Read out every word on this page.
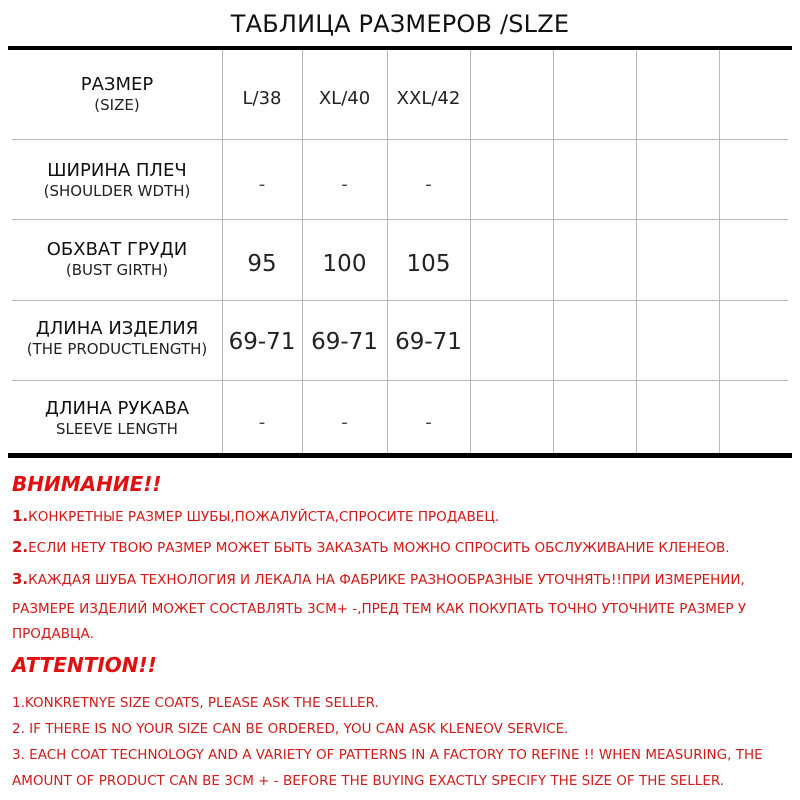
ТАБЛИЦА РАЗМЕРОВ /SLZE
РАЗМЕР
(SIZE)	L/38	XL/40	XXL/42
ШИРИНА ПЛЕЧ
(SHOULDER WDTH)	-	-	-
ОБХВАТ ГРУДИ
(BUST GIRTH)	95	100	105
ДЛИНА ИЗДЕЛИЯ
(THE PRODUCTLENGTH) 69-71 69-71 69-71
ДЛИНА РУКАВА
SLEEVE LENGTH	-	-	-
ВНИМАНИЕ!!
1.КОНКРЕТНЫЕ РАЗМЕР ШУБЫ,ПОЖАЛУЙСТА,СПРОСИТЕ ПРОДАВЕЦ.
2.ЕСЛИ НЕТУ ТВОЮ РАЗМЕР МОЖЕТ БЫТЬ ЗАКАЗАТЬ МОЖНО СПРОСИТЬ ОБСЛУЖИВАНИЕ КЛЕНЕОВ.
3.КАЖДАЯ ШУБА ТЕХНОЛОГИЯ И ЛЕКАЛА НА ФАБРИКЕ РАЗНООБРАЗНЫЕ УТОЧНЯТЬ!!ПРИ ИЗМЕРЕНИИ,
РАЗМЕРЕ ИЗДЕЛИЙ МОЖЕТ СОСТАВЛЯТЬ 3CM+ -,ПРЕД ТЕМ КАК ПОКУПАТЬ ТОЧНО УТОЧНИТЕ РАЗМЕР У
ПРОДАВЦА.
ATTENTION!!
1.KONKRETNYE SIZE COATS, PLEASE ASK THE SELLER.
2. IF THERE IS NO YOUR SIZE CAN BE ORDERED, YOU CAN ASK KLENEOV SERVICE.
3. EACH COAT TECHNOLOGY AND A VARIETY OF PATTERNS IN A FACTORY TO REFINE !! WHEN MEASURING, THE
AMOUNT OF PRODUCT CAN BE 3CM + - BEFORE THE BUYING EXACTLY SPECIFY THE SIZE OF THE SELLER.
